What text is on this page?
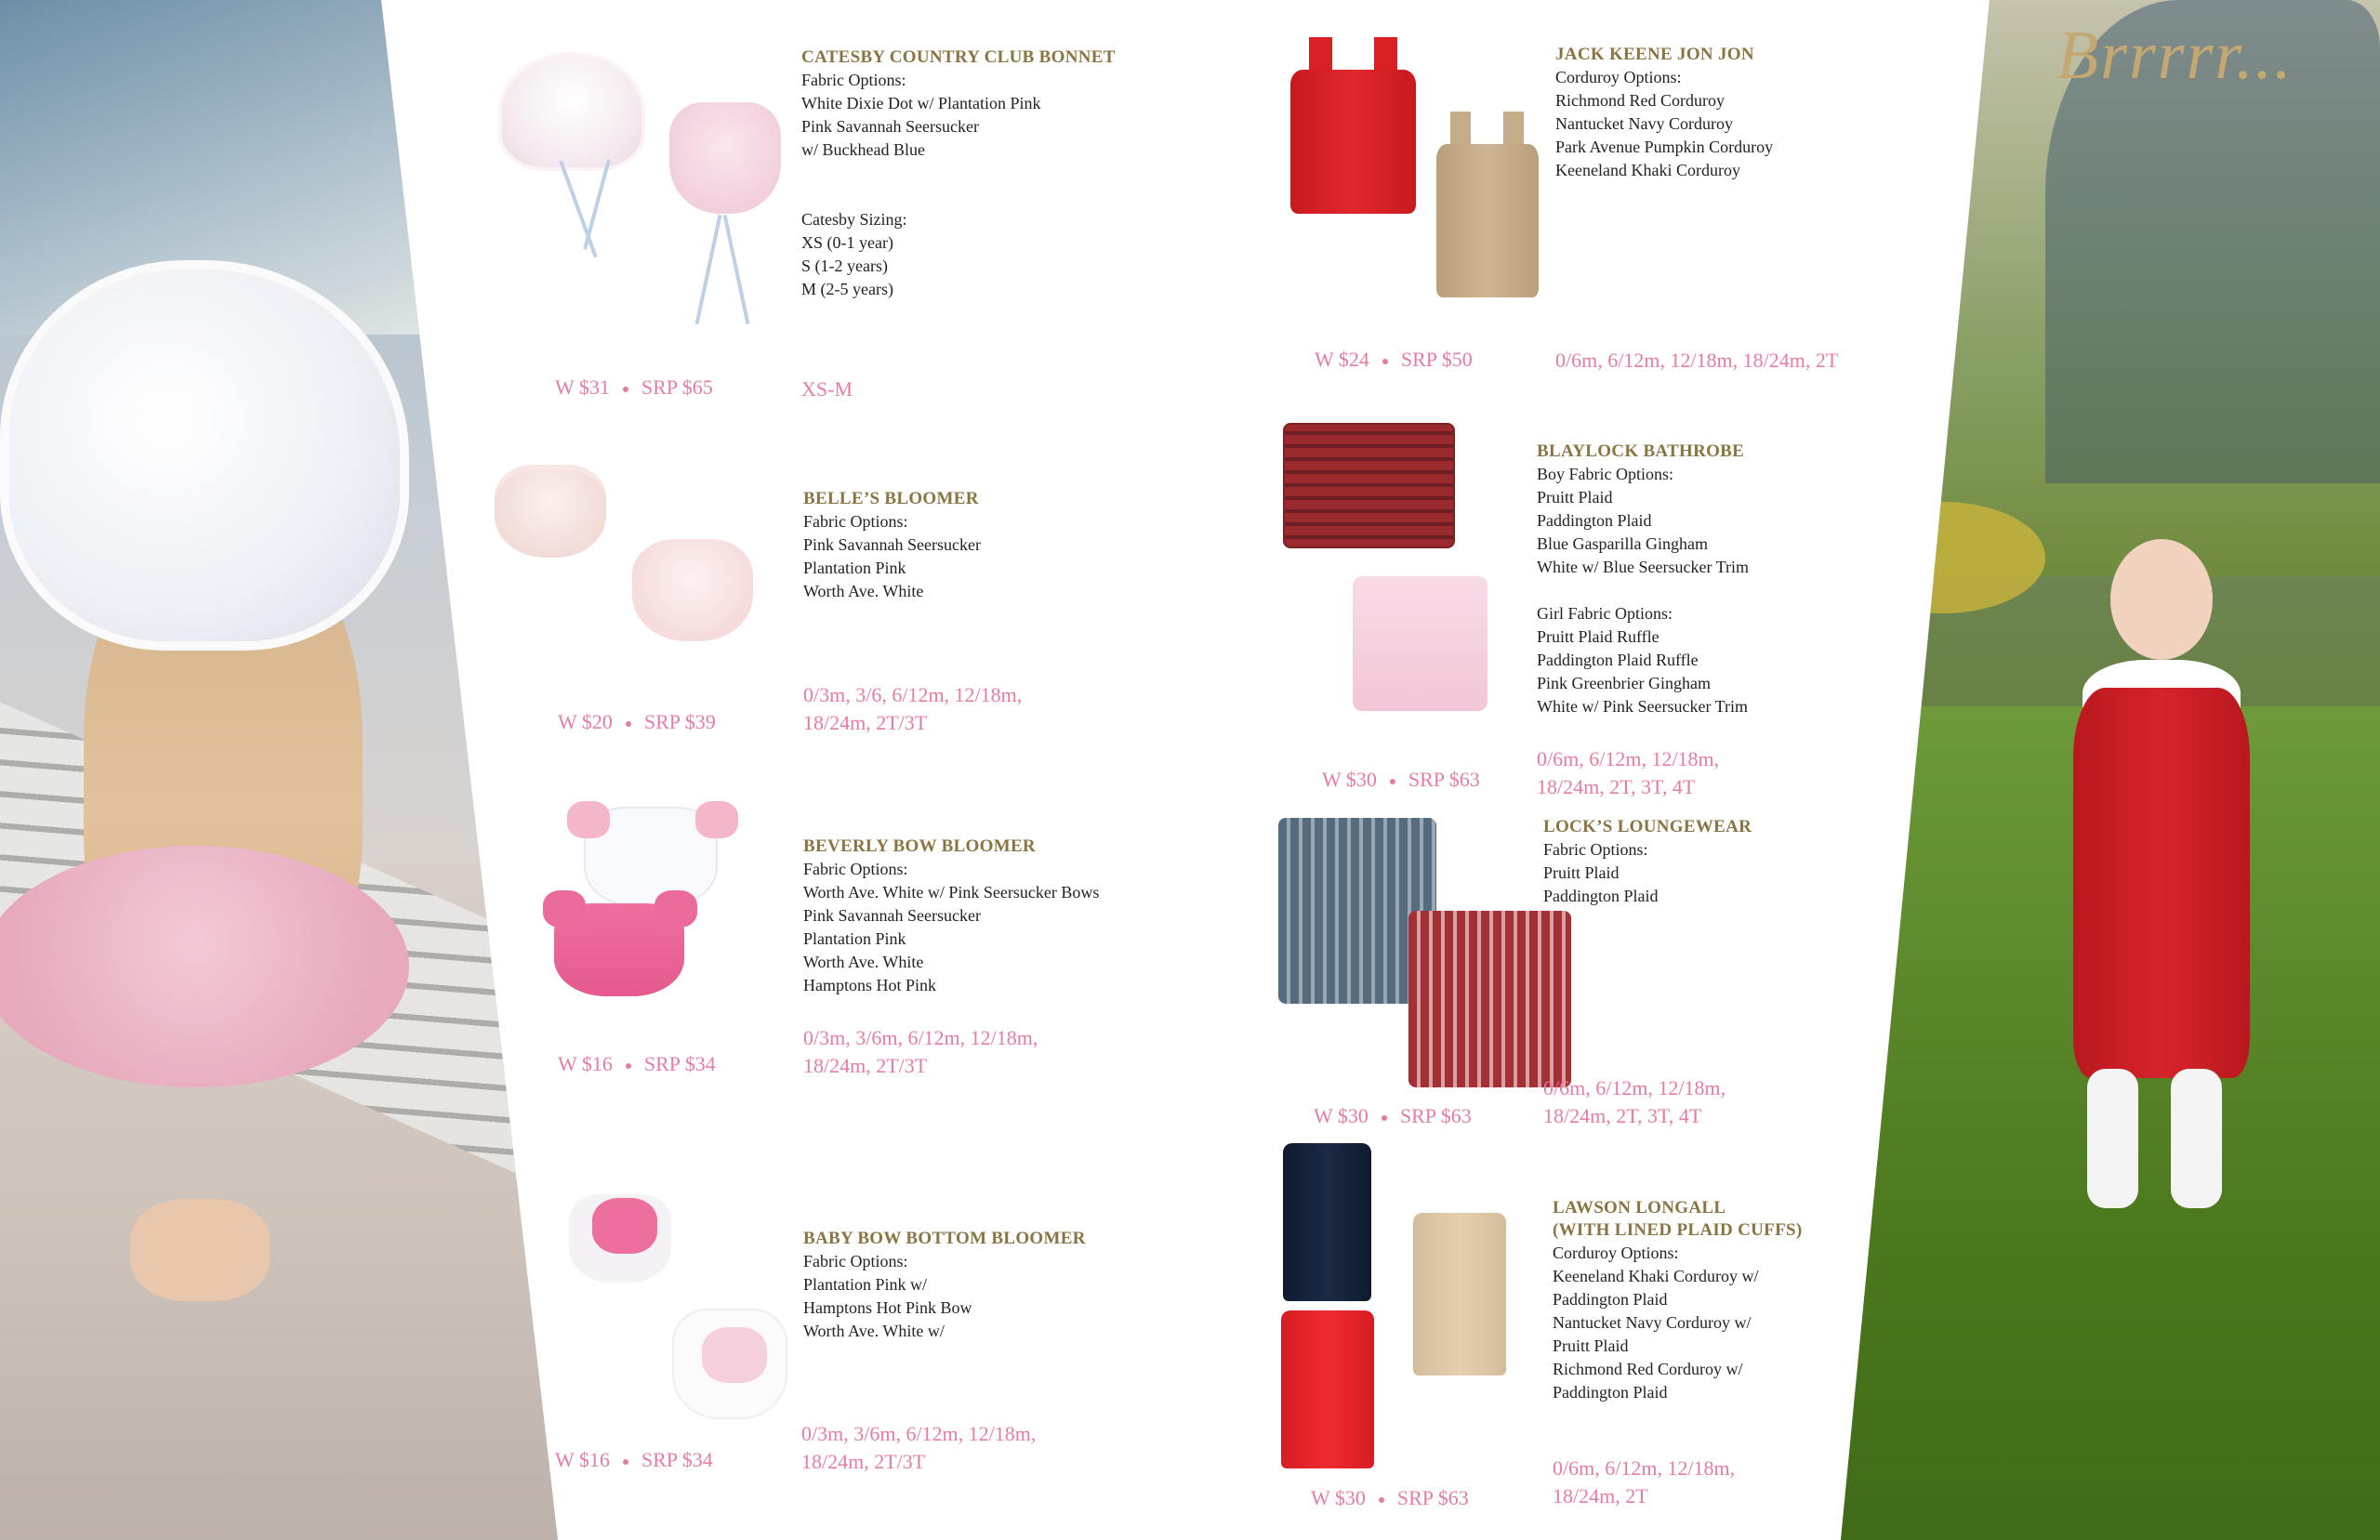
Brrrrr...
CATESBY COUNTRY CLUB BONNET
Fabric Options:
White Dixie Dot w/ Plantation Pink
Pink Savannah Seersucker
w/ Buckhead Blue
Catesby Sizing:
XS (0-1 year)
S (1-2 years)
M (2-5 years)
W $31 SRP $65	XS-M
BELLE’S BLOOMER
Fabric Options:
Pink Savannah Seersucker
Plantation Pink
Worth Ave. White
W $20 SRP $39
0/3m, 3/6, 6/12m, 12/18m,
18/24m, 2T/3T
BEVERLY BOW BLOOMER
Fabric Options:
Worth Ave. White w/ Pink Seersucker Bows
Pink Savannah Seersucker
Plantation Pink
Worth Ave. White
Hamptons Hot Pink
W $16 SRP $34
0/3m, 3/6m, 6/12m, 12/18m,
18/24m, 2T/3T
BABY BOW BOTTOM BLOOMER
Fabric Options:
Plantation Pink w/
Hamptons Hot Pink Bow
Worth Ave. White w/
W $16 SRP $34
0/3m, 3/6m, 6/12m, 12/18m,
18/24m, 2T/3T
JACK KEENE JON JON
Corduroy Options:
Richmond Red Corduroy
Nantucket Navy Corduroy
Park Avenue Pumpkin Corduroy
Keeneland Khaki Corduroy
W $24 SRP $50	0/6m, 6/12m, 12/18m, 18/24m, 2T
BLAYLOCK BATHROBE
Boy Fabric Options:
Pruitt Plaid
Paddington Plaid
Blue Gasparilla Gingham
White w/ Blue Seersucker Trim
Girl Fabric Options:
Pruitt Plaid Ruffle
Paddington Plaid Ruffle
Pink Greenbrier Gingham
White w/ Pink Seersucker Trim
W $30 SRP $63
0/6m, 6/12m, 12/18m,
18/24m, 2T, 3T, 4T
LOCK’S LOUNGEWEAR
Fabric Options:
Pruitt Plaid
Paddington Plaid
W $30 SRP $63
0/6m, 6/12m, 12/18m,
18/24m, 2T, 3T, 4T
LAWSON LONGALL
(WITH LINED PLAID CUFFS)
Corduroy Options:
Keeneland Khaki Corduroy w/
Paddington Plaid
Nantucket Navy Corduroy w/
Pruitt Plaid
Richmond Red Corduroy w/
Paddington Plaid
W $30 SRP $63
0/6m, 6/12m, 12/18m,
18/24m, 2T
